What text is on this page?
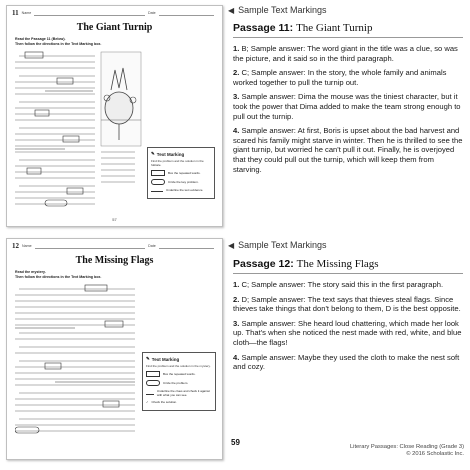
11 Name	Date
The Giant Turnip
Read the Passage 11 (Below).
Then follow the directions in the Text Marking box.
✎ Text Marking
Find the problem and the solution in the folktale.
Box the repeated words.
Circle the key problem.
Underline the text evidence.
57
12 Name	Date
The Missing Flags
Read the mystery.
Then follow the directions in the Text Marking box.
✎ Text Marking
Find the problem and the solution in the mystery.
Box the repeated words.
Circle the problem.
Underline the clues and check it against with what you can see.
✓ Check the solution.
◀ Sample Text Markings
Passage 11: The Giant Turnip

1. B; Sample answer: The word giant in the title was a clue, so was the picture, and it said so in the third paragraph.

2. C; Sample answer: In the story, the whole family and animals worked together to pull the turnip out.

3. Sample answer: Dima the mouse was the tiniest character, but it took the power that Dima added to make the team strong enough to pull out the turnip.

4. Sample answer: At first, Boris is upset about the bad harvest and scared his family might starve in winter. Then he is thrilled to see the giant turnip, but worried he can't pull it out. Finally, he is overjoyed that they could pull out the turnip, which will keep them from starving.

◀ Sample Text Markings
Passage 12: The Missing Flags

1. C; Sample answer: The story said this in the first paragraph.

2. D; Sample answer: The text says that thieves steal flags. Since thieves take things that don't belong to them, D is the best opposite.

3. Sample answer: She heard loud chattering, which made her look up. That's when she noticed the nest made with red, white, and blue cloth—the flags!

4. Sample answer: Maybe they used the cloth to make the nest soft and cozy.

59	Literary Passages: Close Reading (Grade 3)
© 2016 Scholastic Inc.
